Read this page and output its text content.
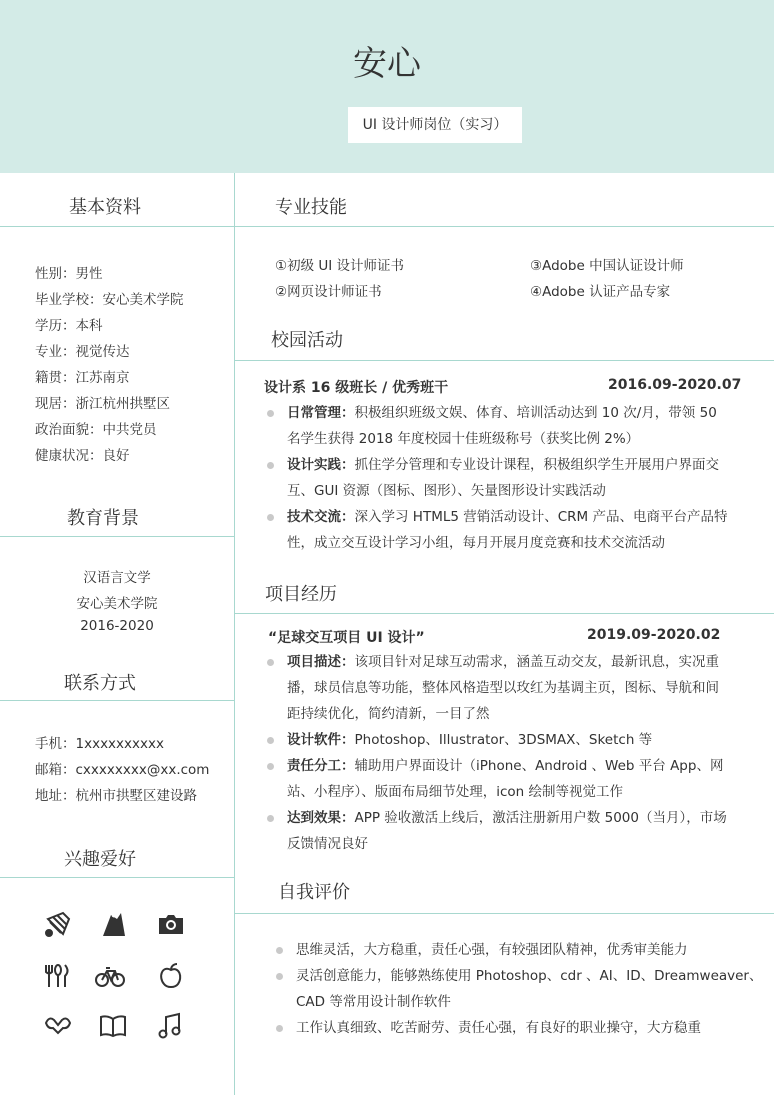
安心
UI 设计师岗位（实习）
基本资料
性别：男性
毕业学校：安心美术学院
学历：本科
专业：视觉传达
籍贯：江苏南京
现居：浙江杭州拱墅区
政治面貌：中共党员
健康状况：良好
教育背景
汉语言文学
安心美术学院
2016-2020
联系方式
手机：1xxxxxxxxxx
邮箱：cxxxxxxxx@xx.com
地址：杭州市拱墅区建设路
兴趣爱好
专业技能
①初级 UI 设计师证书	③Adobe 中国认证设计师
②网页设计师证书	④Adobe 认证产品专家
校园活动
设计系 16 级班长 / 优秀班干	2016.09-2020.07
日常管理：积极组织班级文娱、体育、培训活动达到 10 次/月，带领 50
名学生获得 2018 年度校园十佳班级称号（获奖比例 2%）
设计实践：抓住学分管理和专业设计课程，积极组织学生开展用户界面交
互、GUI 资源（图标、图形）、矢量图形设计实践活动
技术交流：深入学习 HTML5 营销活动设计、CRM 产品、电商平台产品特
性，成立交互设计学习小组，每月开展月度竞赛和技术交流活动
项目经历
“足球交互项目 UI 设计”	2019.09-2020.02
项目描述：该项目针对足球互动需求，涵盖互动交友，最新讯息，实况重
播，球员信息等功能，整体风格造型以玫红为基调主页，图标、导航和间
距持续优化，简约清新，一目了然
设计软件：Photoshop、Illustrator、3DSMAX、Sketch 等
责任分工：辅助用户界面设计（iPhone、Android 、Web 平台 App、网
站、小程序）、版面布局细节处理，icon 绘制等视觉工作
达到效果：APP 验收激活上线后，激活注册新用户数 5000（当月），市场
反馈情况良好
自我评价
思维灵活，大方稳重，责任心强，有较强团队精神，优秀审美能力
灵活创意能力，能够熟练使用 Photoshop、cdr 、AI、ID、Dreamweaver、
CAD 等常用设计制作软件
工作认真细致、吃苦耐劳、责任心强，有良好的职业操守，大方稳重
